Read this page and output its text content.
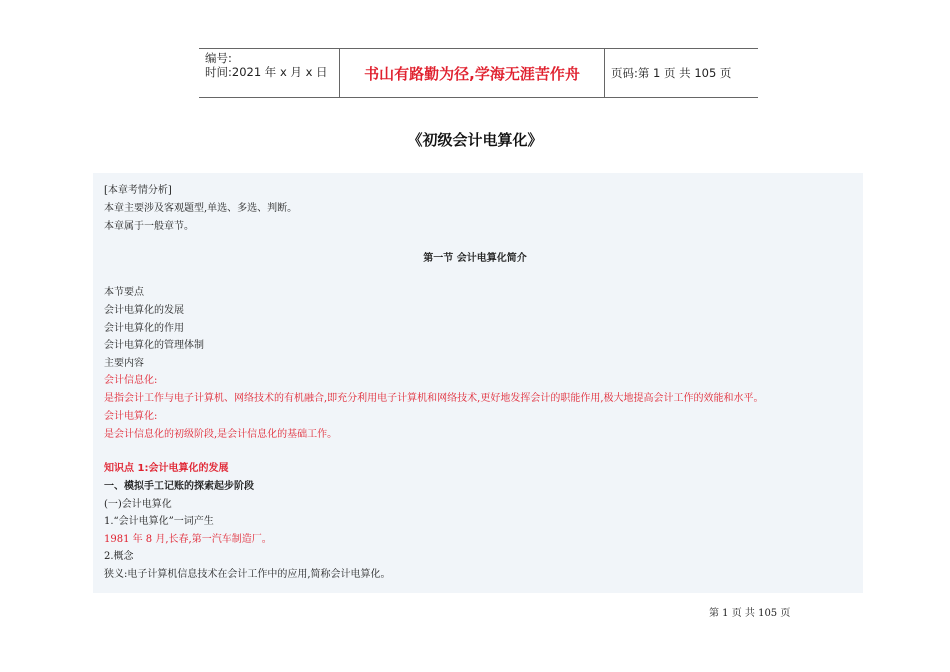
编号:
时间:2021 年 x 月 x 日	书山有路勤为径,学海无涯苦作舟	页码:第 1 页 共 105 页
《初级会计电算化》
[本章考情分析]
本章主要涉及客观题型,单选、多选、判断。
本章属于一般章节。
第一节 会计电算化简介
本节要点
会计电算化的发展
会计电算化的作用
会计电算化的管理体制
主要内容
会计信息化:
是指会计工作与电子计算机、网络技术的有机融合,即充分利用电子计算机和网络技术,更好地发挥会计的职能作用,极大地提高会计工作的效能和水平。
会计电算化:
是会计信息化的初级阶段,是会计信息化的基础工作。
知识点 1:会计电算化的发展
一、模拟手工记账的探索起步阶段
(一)会计电算化
1.“会计电算化”一词产生
1981 年 8 月,长春,第一汽车制造厂。
2.概念
狭义:电子计算机信息技术在会计工作中的应用,简称会计电算化。
第 1 页 共 105 页
